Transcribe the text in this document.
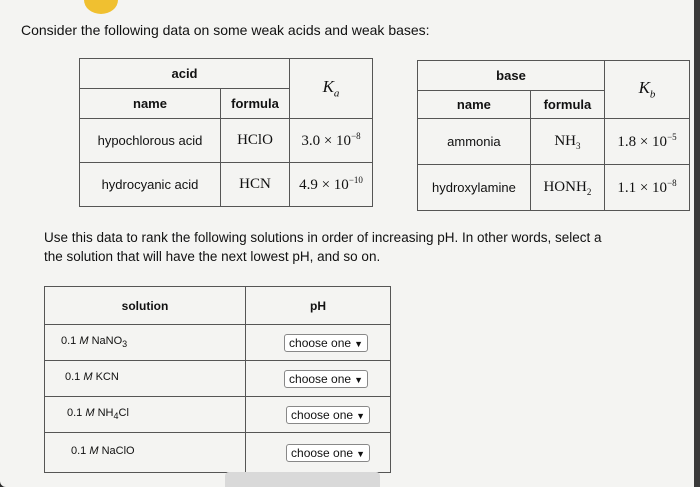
Consider the following data on some weak acids and weak bases:
acid		$K_a$
name	formula	
hypochlorous acid	HClO	$3.0 \times 10^{-8}$
hydrocyanic acid	HCN	$4.9 \times 10^{-10}$
base		$K_b$
name	formula	
ammonia	$NH_3$	$1.8 \times 10^{-5}$
hydroxylamine	$HONH_2$	$1.1 \times 10^{-8}$
Use this data to rank the following solutions in order of increasing pH. In other words, select a
the solution that will have the next lowest pH, and so on.
solution	pH
0.1 M NaNO$_3$	choose one ▼
0.1 M KCN	choose one ▼
0.1 M $NH_4Cl$	choose one ▼
0.1 M NaClO	choose one ▼
